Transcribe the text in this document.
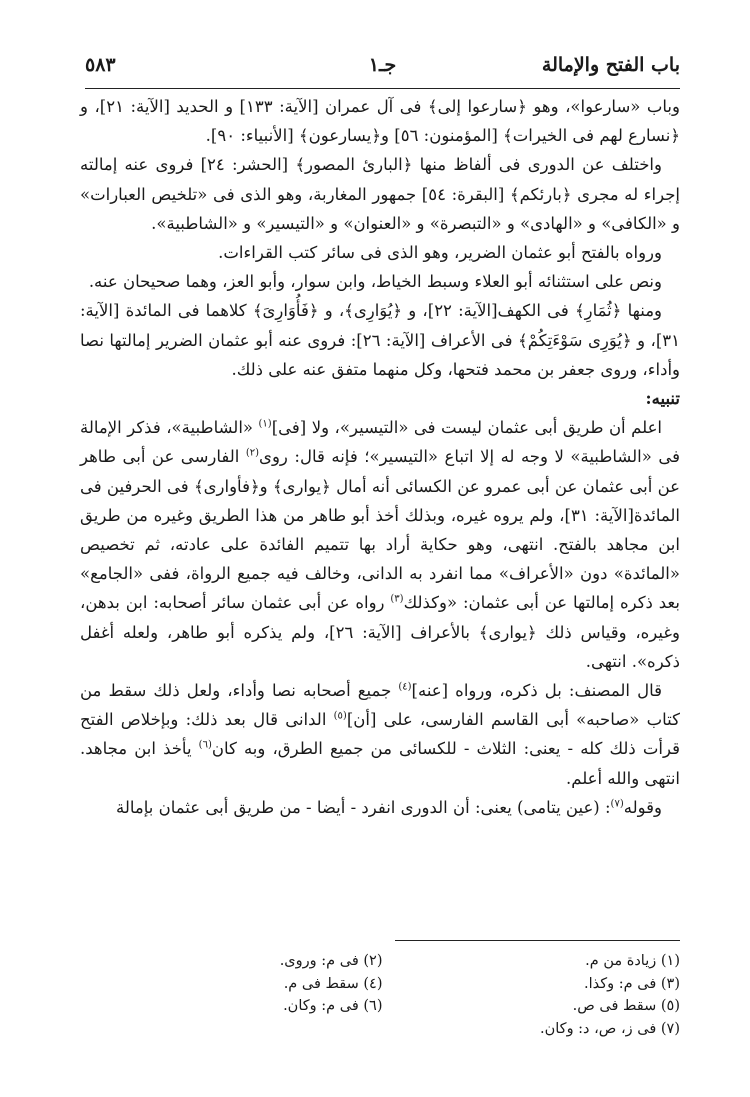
باب الفتح والإمالة
جـ١
٥٨٣

وباب «سارعوا»، وهو ﴿سارعوا إلى﴾ فى آل عمران [الآية: ١٣٣] و الحديد [الآية: ٢١]، و ﴿نسارع لهم فى الخيرات﴾ [المؤمنون: ٥٦] و﴿يسارعون﴾ [الأنبياء: ٩٠].

واختلف عن الدورى فى ألفاظ منها ﴿البارئ المصور﴾ [الحشر: ٢٤] فروى عنه إمالته إجراء له مجرى ﴿بارئكم﴾ [البقرة: ٥٤] جمهور المغاربة، وهو الذى فى «تلخيص العبارات» و «الكافى» و «الهادى» و «التبصرة» و «العنوان» و «التيسير» و «الشاطبية».

ورواه بالفتح أبو عثمان الضرير، وهو الذى فى سائر كتب القراءات.

ونص على استثنائه أبو العلاء وسبط الخياط، وابن سوار، وأبو العز، وهما صحيحان عنه.

ومنها ﴿ثُمَارِ﴾ فى الكهف[الآية: ٢٢]، و ﴿يُوَارِى﴾، و ﴿فَأُوَارِىَ﴾ كلاهما فى المائدة [الآية: ٣١]، و ﴿يُوَرِى سَوْءَتِكُمْ﴾ فى الأعراف [الآية: ٢٦]: فروى عنه أبو عثمان الضرير إمالتها نصا وأداء، وروى جعفر بن محمد فتحها، وكل منهما متفق عنه على ذلك.

تنبيه:

اعلم أن طريق أبى عثمان ليست فى «التيسير»، ولا [فى]$^{(١)}$ «الشاطبية»، فذكر الإمالة فى «الشاطبية» لا وجه له إلا اتباع «التيسير»؛ فإنه قال: روى$^{(٢)}$ الفارسى عن أبى طاهر عن أبى عثمان عن أبى عمرو عن الكسائى أنه أمال ﴿يوارى﴾ و﴿فأوارى﴾ فى الحرفين فى المائدة[الآية: ٣١]، ولم يروه غيره، وبذلك أخذ أبو طاهر من هذا الطريق وغيره من طريق ابن مجاهد بالفتح. انتهى، وهو حكاية أراد بها تتميم الفائدة على عادته، ثم تخصيص «المائدة» دون «الأعراف» مما انفرد به الدانى، وخالف فيه جميع الرواة، ففى «الجامع» بعد ذكره إمالتها عن أبى عثمان: «وكذلك$^{(٣)}$ رواه عن أبى عثمان سائر أصحابه: ابن بدهن، وغيره، وقياس ذلك ﴿يوارى﴾ بالأعراف [الآية: ٢٦]، ولم يذكره أبو طاهر، ولعله أغفل ذكره». انتهى.

قال المصنف: بل ذكره، ورواه [عنه]$^{(٤)}$ جميع أصحابه نصا وأداء، ولعل ذلك سقط من كتاب «صاحبه» أبى القاسم الفارسى، على [أن]$^{(٥)}$ الدانى قال بعد ذلك: وبإخلاص الفتح قرأت ذلك كله - يعنى: الثلاث - للكسائى من جميع الطرق، وبه كان$^{(٦)}$ يأخذ ابن مجاهد. انتهى والله أعلم.

وقوله$^{(٧)}$: (عين يتامى) يعنى: أن الدورى انفرد - أيضا - من طريق أبى عثمان بإمالة

(١) زيادة من م.
(٢) فى م: وروى.
(٣) فى م: وكذا.
(٤) سقط فى م.
(٥) سقط فى ص.
(٦) فى م: وكان.
(٧) فى ز، ص، د: وكان.
